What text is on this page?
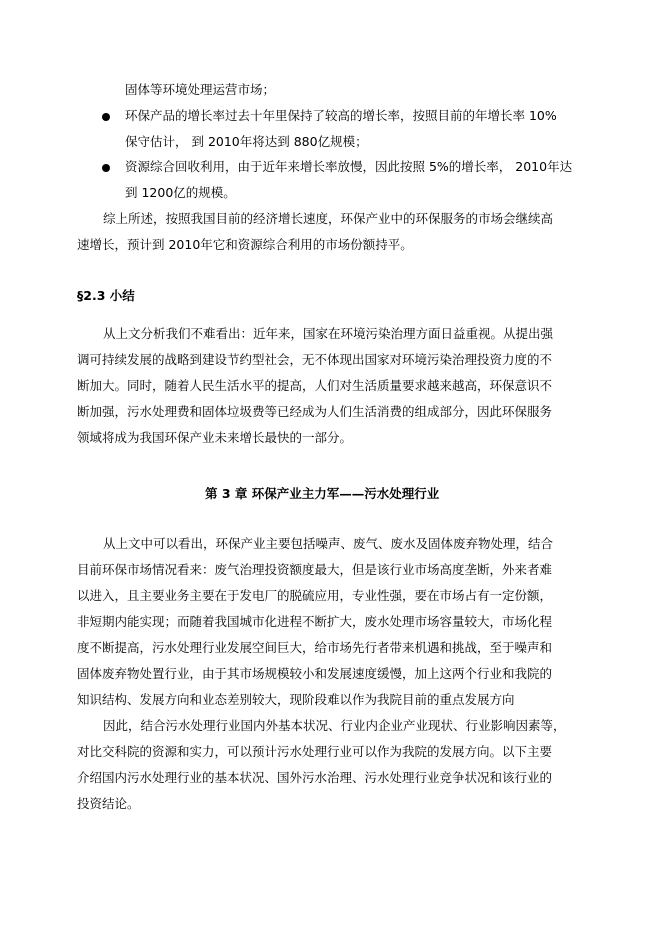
固体等环境处理运营市场；
环保产品的增长率过去十年里保持了较高的增长率，按照目前的年增长率 10%
保守估计， 到 2010年将达到 880亿规模；
资源综合回收利用，由于近年来增长率放慢，因此按照 5%的增长率， 2010年达
到 1200亿的规模。
综上所述，按照我国目前的经济增长速度，环保产业中的环保服务的市场会继续高
速增长，预计到 2010年它和资源综合利用的市场份额持平。
§2.3 小结
从上文分析我们不难看出：近年来，国家在环境污染治理方面日益重视。从提出强
调可持续发展的战略到建设节约型社会，无不体现出国家对环境污染治理投资力度的不
断加大。同时，随着人民生活水平的提高，人们对生活质量要求越来越高，环保意识不
断加强，污水处理费和固体垃圾费等已经成为人们生活消费的组成部分，因此环保服务
领域将成为我国环保产业未来增长最快的一部分。
第 3 章 环保产业主力军——污水处理行业
从上文中可以看出，环保产业主要包括噪声、废气、废水及固体废弃物处理，结合
目前环保市场情况看来：废气治理投资额度最大，但是该行业市场高度垄断，外来者难
以进入，且主要业务主要在于发电厂的脱硫应用，专业性强，要在市场占有一定份额，
非短期内能实现；而随着我国城市化进程不断扩大，废水处理市场容量较大，市场化程
度不断提高，污水处理行业发展空间巨大，给市场先行者带来机遇和挑战，至于噪声和
固体废弃物处置行业，由于其市场规模较小和发展速度缓慢，加上这两个行业和我院的
知识结构、发展方向和业态差别较大，现阶段难以作为我院目前的重点发展方向
因此，结合污水处理行业国内外基本状况、行业内企业产业现状、行业影响因素等，
对比交科院的资源和实力，可以预计污水处理行业可以作为我院的发展方向。以下主要
介绍国内污水处理行业的基本状况、国外污水治理、污水处理行业竞争状况和该行业的
投资结论。
